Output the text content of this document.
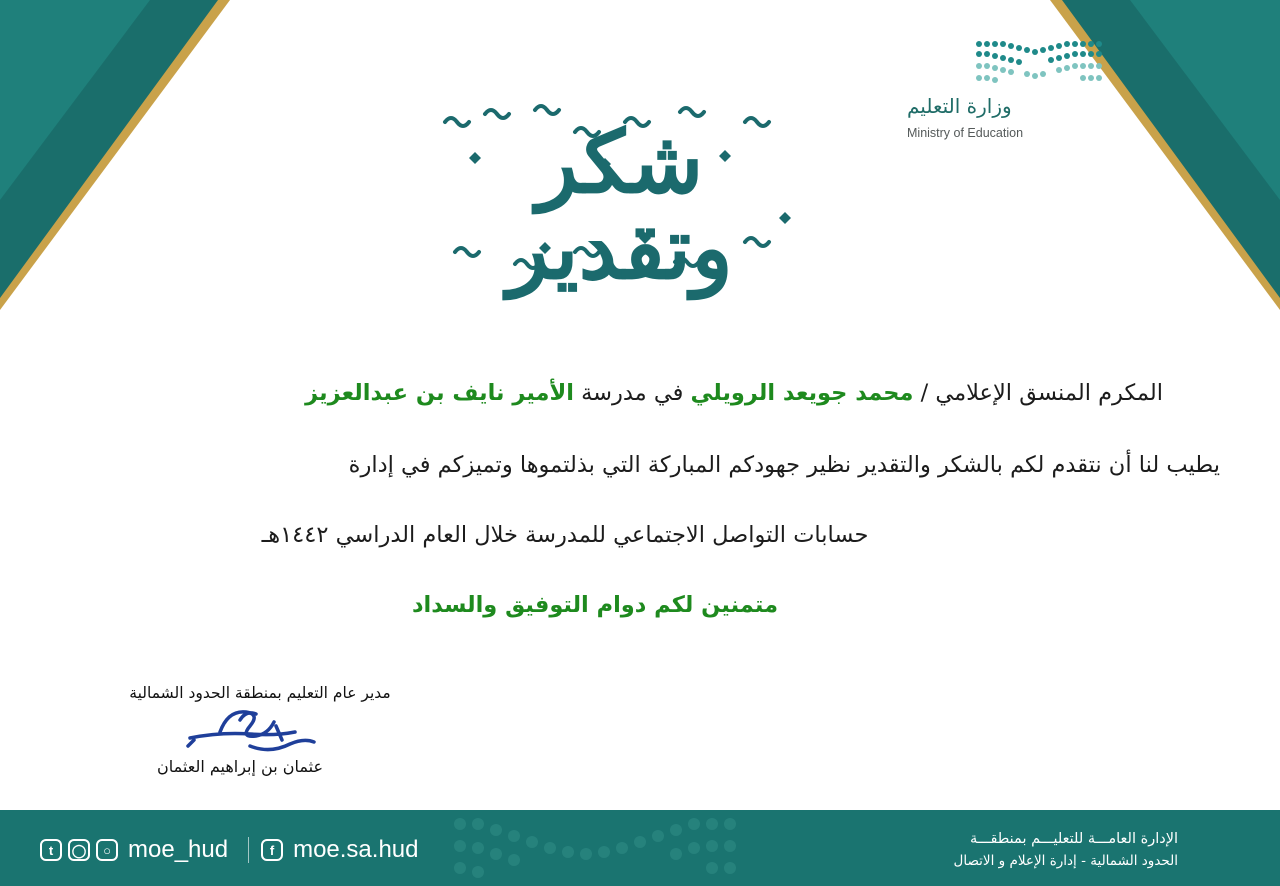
وزارة التعليم
Ministry of Education
شكر وتقدير
المكرم المنسق الإعلامي / محمد جويعد الرويلي في مدرسة الأمير نايف بن عبدالعزيز
يطيب لنا أن نتقدم لكم بالشكر والتقدير نظير جهودكم المباركة التي بذلتموها وتميزكم في إدارة
حسابات التواصل الاجتماعي للمدرسة خلال العام الدراسي ١٤٤٢هـ
متمنين لكم دوام التوفيق والسداد
مدير عام التعليم بمنطقة الحدود الشمالية
عثمان بن إبراهيم العثمان
t	◯	○ moe_hud	f moe.sa.hud	الإدارة العامـــة للتعليـــم بمنطقـــة
الحدود الشمالية - إدارة الإعلام و الاتصال
